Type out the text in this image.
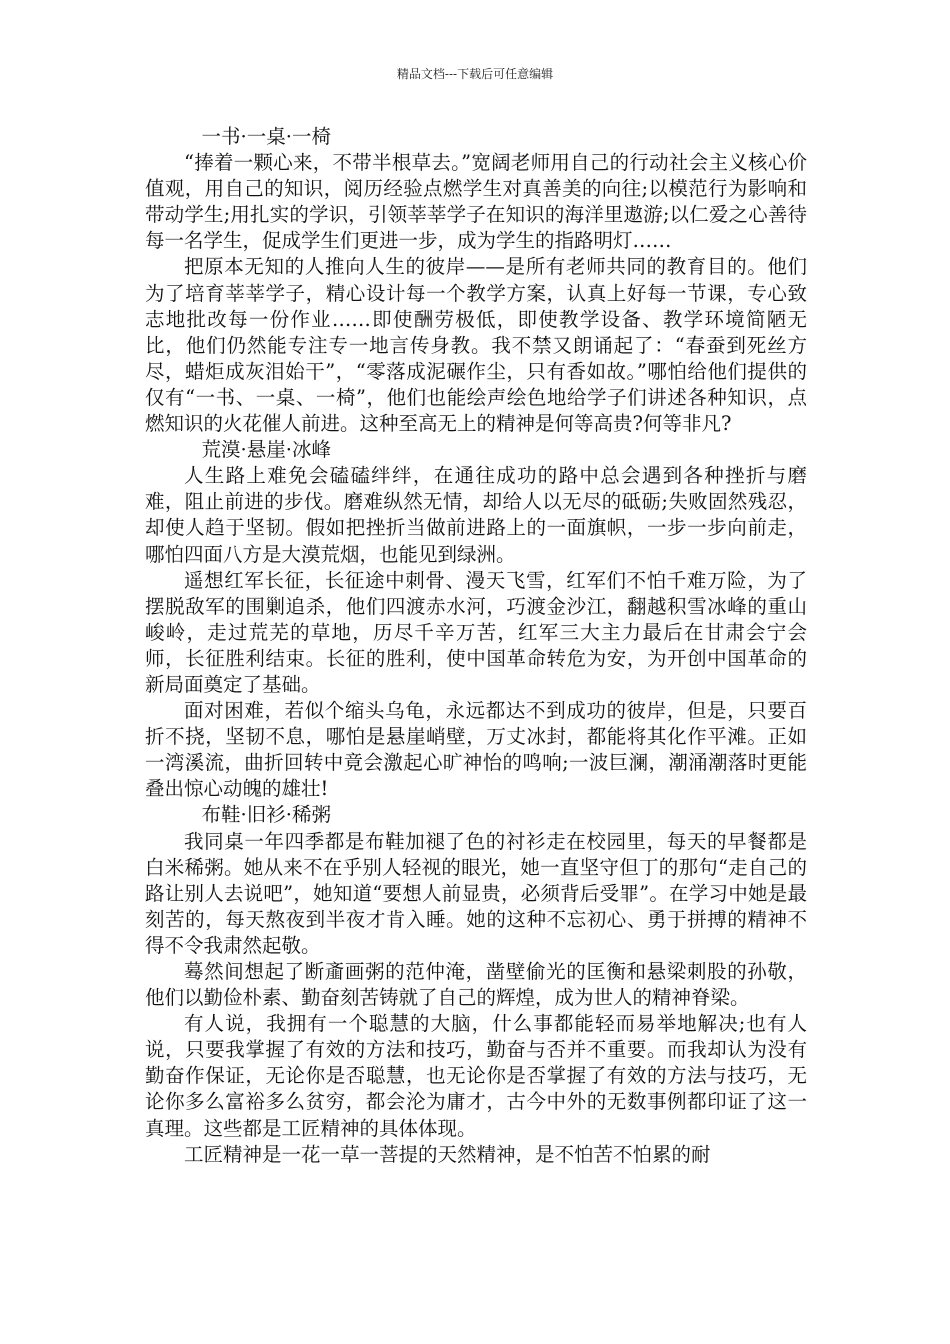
精品文档---下载后可任意编辑

一书·一桌·一椅

“捧着一颗心来，不带半根草去。”宽阔老师用自己的行动社会主义核心价值观，用自己的知识，阅历经验点燃学生对真善美的向往;以模范行为影响和带动学生;用扎实的学识，引领莘莘学子在知识的海洋里遨游;以仁爱之心善待每一名学生，促成学生们更进一步，成为学生的指路明灯……

把原本无知的人推向人生的彼岸——是所有老师共同的教育目的。他们为了培育莘莘学子，精心设计每一个教学方案，认真上好每一节课，专心致志地批改每一份作业……即使酬劳极低，即使教学设备、教学环境简陋无比，他们仍然能专注专一地言传身教。我不禁又朗诵起了：“春蚕到死丝方尽，蜡炬成灰泪始干”，“零落成泥碾作尘，只有香如故。”哪怕给他们提供的仅有“一书、一桌、一椅”，他们也能绘声绘色地给学子们讲述各种知识，点燃知识的火花催人前进。这种至高无上的精神是何等高贵?何等非凡?

荒漠·悬崖·冰峰

人生路上难免会磕磕绊绊，在通往成功的路中总会遇到各种挫折与磨难，阻止前进的步伐。磨难纵然无情，却给人以无尽的砥砺;失败固然残忍，却使人趋于坚韧。假如把挫折当做前进路上的一面旗帜，一步一步向前走，哪怕四面八方是大漠荒烟，也能见到绿洲。

遥想红军长征，长征途中刺骨、漫天飞雪，红军们不怕千难万险，为了摆脱敌军的围剿追杀，他们四渡赤水河，巧渡金沙江，翻越积雪冰峰的重山峻岭，走过荒芜的草地，历尽千辛万苦，红军三大主力最后在甘肃会宁会师，长征胜利结束。长征的胜利，使中国革命转危为安，为开创中国革命的新局面奠定了基础。

面对困难，若似个缩头乌龟，永远都达不到成功的彼岸，但是，只要百折不挠，坚韧不息，哪怕是悬崖峭壁，万丈冰封，都能将其化作平滩。正如一湾溪流，曲折回转中竟会激起心旷神怡的鸣响;一波巨澜，潮涌潮落时更能叠出惊心动魄的雄壮!

布鞋·旧衫·稀粥

我同桌一年四季都是布鞋加褪了色的衬衫走在校园里，每天的早餐都是白米稀粥。她从来不在乎别人轻视的眼光，她一直坚守但丁的那句“走自己的路让别人去说吧”，她知道“要想人前显贵，必须背后受罪”。在学习中她是最刻苦的，每天熬夜到半夜才肯入睡。她的这种不忘初心、勇于拼搏的精神不得不令我肃然起敬。

蓦然间想起了断齑画粥的范仲淹，凿壁偷光的匡衡和悬梁刺股的孙敬，他们以勤俭朴素、勤奋刻苦铸就了自己的辉煌，成为世人的精神脊梁。

有人说，我拥有一个聪慧的大脑，什么事都能轻而易举地解决;也有人说，只要我掌握了有效的方法和技巧，勤奋与否并不重要。而我却认为没有勤奋作保证，无论你是否聪慧，也无论你是否掌握了有效的方法与技巧，无论你多么富裕多么贫穷，都会沦为庸才，古今中外的无数事例都印证了这一真理。这些都是工匠精神的具体体现。

工匠精神是一花一草一菩提的天然精神，是不怕苦不怕累的耐
